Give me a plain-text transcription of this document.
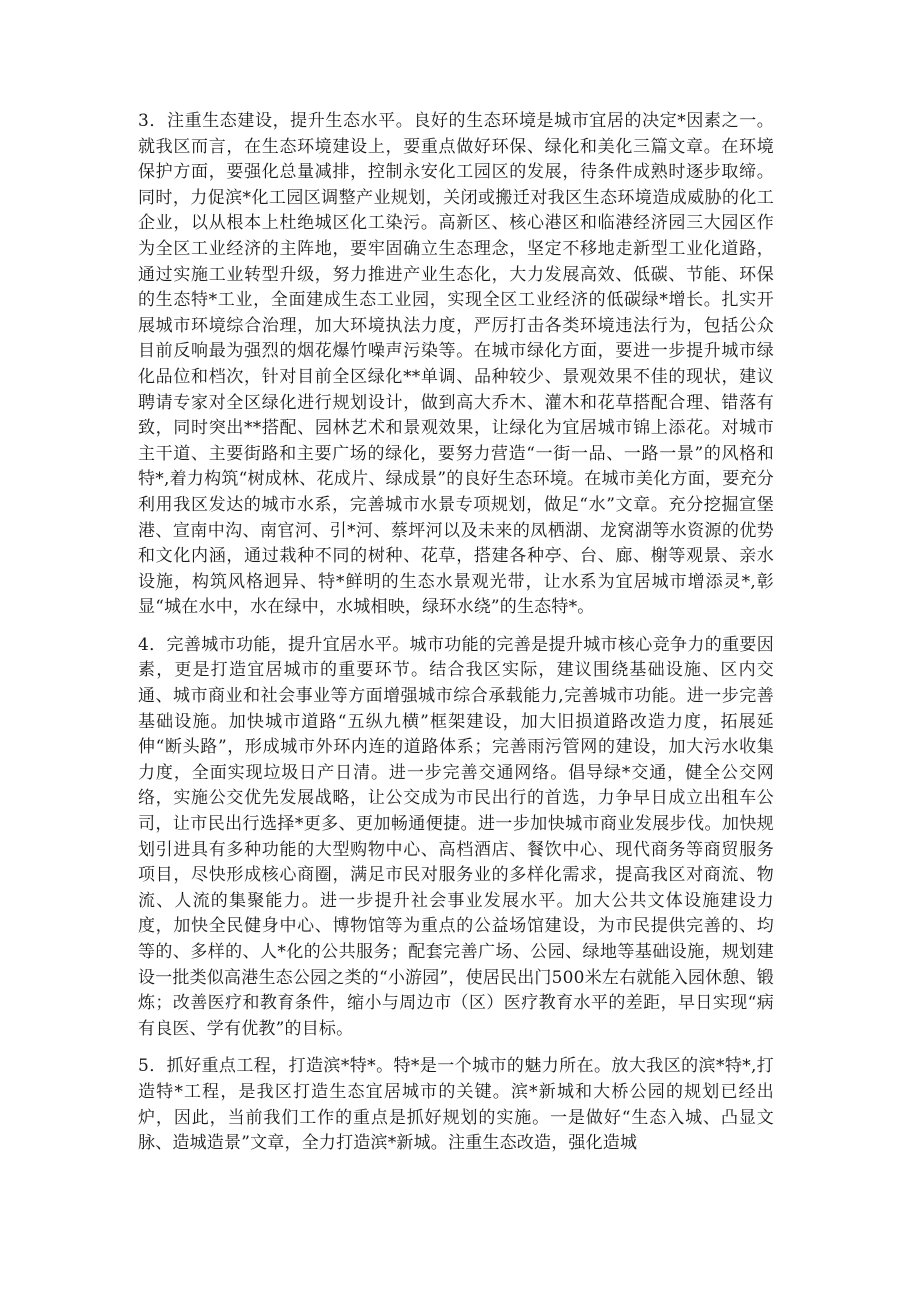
3．注重生态建设，提升生态水平。良好的生态环境是城市宜居的决定*因素之一。就我区而言，在生态环境建设上，要重点做好环保、绿化和美化三篇文章。在环境保护方面，要强化总量减排，控制永安化工园区的发展，待条件成熟时逐步取缔。同时，力促滨*化工园区调整产业规划，关闭或搬迁对我区生态环境造成威胁的化工企业，以从根本上杜绝城区化工染污。高新区、核心港区和临港经济园三大园区作为全区工业经济的主阵地，要牢固确立生态理念，坚定不移地走新型工业化道路，通过实施工业转型升级，努力推进产业生态化，大力发展高效、低碳、节能、环保的生态特*工业，全面建成生态工业园，实现全区工业经济的低碳绿*增长。扎实开展城市环境综合治理，加大环境执法力度，严厉打击各类环境违法行为，包括公众目前反响最为强烈的烟花爆竹噪声污染等。在城市绿化方面，要进一步提升城市绿化品位和档次，针对目前全区绿化**单调、品种较少、景观效果不佳的现状，建议聘请专家对全区绿化进行规划设计，做到高大乔木、灌木和花草搭配合理、错落有致，同时突出**搭配、园林艺术和景观效果，让绿化为宜居城市锦上添花。对城市主干道、主要街路和主要广场的绿化，要努力营造“一街一品、一路一景”的风格和特*,着力构筑“树成林、花成片、绿成景”的良好生态环境。在城市美化方面，要充分利用我区发达的城市水系，完善城市水景专项规划，做足“水”文章。充分挖掘宣堡港、宣南中沟、南官河、引*河、蔡坪河以及未来的凤栖湖、龙窝湖等水资源的优势和文化内涵，通过栽种不同的树种、花草，搭建各种亭、台、廊、榭等观景、亲水设施，构筑风格迥异、特*鲜明的生态水景观光带，让水系为宜居城市增添灵*,彰显“城在水中，水在绿中，水城相映，绿环水绕”的生态特*。

4．完善城市功能，提升宜居水平。城市功能的完善是提升城市核心竞争力的重要因素，更是打造宜居城市的重要环节。结合我区实际，建议围绕基础设施、区内交通、城市商业和社会事业等方面增强城市综合承载能力,完善城市功能。进一步完善基础设施。加快城市道路“五纵九横”框架建设，加大旧损道路改造力度，拓展延伸“断头路”，形成城市外环内连的道路体系；完善雨污管网的建设，加大污水收集力度，全面实现垃圾日产日清。进一步完善交通网络。倡导绿*交通，健全公交网络，实施公交优先发展战略，让公交成为市民出行的首选，力争早日成立出租车公司，让市民出行选择*更多、更加畅通便捷。进一步加快城市商业发展步伐。加快规划引进具有多种功能的大型购物中心、高档酒店、餐饮中心、现代商务等商贸服务项目，尽快形成核心商圈，满足市民对服务业的多样化需求，提高我区对商流、物流、人流的集聚能力。进一步提升社会事业发展水平。加大公共文体设施建设力度，加快全民健身中心、博物馆等为重点的公益场馆建设，为市民提供完善的、均等的、多样的、人*化的公共服务；配套完善广场、公园、绿地等基础设施，规划建设一批类似高港生态公园之类的“小游园”，使居民出门500米左右就能入园休憩、锻炼；改善医疗和教育条件，缩小与周边市（区）医疗教育水平的差距，早日实现“病有良医、学有优教”的目标。

5．抓好重点工程，打造滨*特*。特*是一个城市的魅力所在。放大我区的滨*特*,打造特*工程，是我区打造生态宜居城市的关键。滨*新城和大桥公园的规划已经出炉，因此，当前我们工作的重点是抓好规划的实施。一是做好“生态入城、凸显文脉、造城造景”文章，全力打造滨*新城。注重生态改造，强化造城
